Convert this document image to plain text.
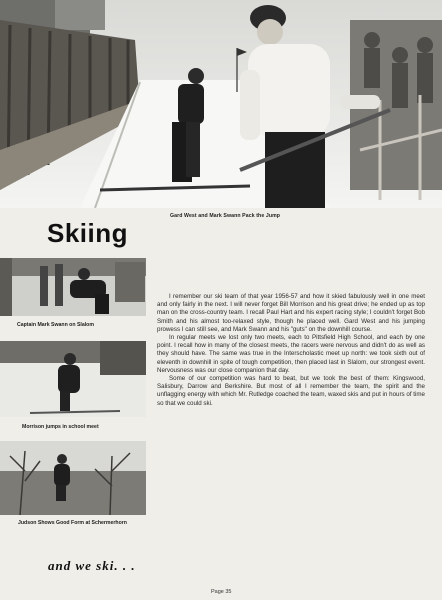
Gard West and Mark Swann Pack the Jump
Skiing
Captain Mark Swann on Slalom
Morrison jumps in school meet
Judson Shows Good Form at Schermerhorn

I remember our ski team of that year 1956-57 and how it skied fabulously well in one meet and only fairly in the next. I will never forget Bill Morrison and his great drive; he ended up as top man on the cross-country team. I recall Paul Hart and his expert racing style; I couldn't forget Bob Smith and his almost too-relaxed style, though he placed well. Gard West and his jumping prowess I can still see, and Mark Swann and his "guts" on the downhill course.

In regular meets we lost only two meets, each to Pittsfield High School, and each by one point. I recall how in many of the closest meets, the racers were nervous and didn't do as well as they should have. The same was true in the Interscholastic meet up north: we took sixth out of eleventh in downhill in spite of tough competition, then placed last in Slalom, our strongest event. Nervousness was our close companion that day.

Some of our competition was hard to beat, but we took the best of them: Kingswood, Salisbury, Darrow and Berkshire. But most of all I remember the team, the spirit and the unflagging energy with which Mr. Rutledge coached the team, waxed skis and put in hours of time so that we could ski.

and we ski. . .
Page 35
